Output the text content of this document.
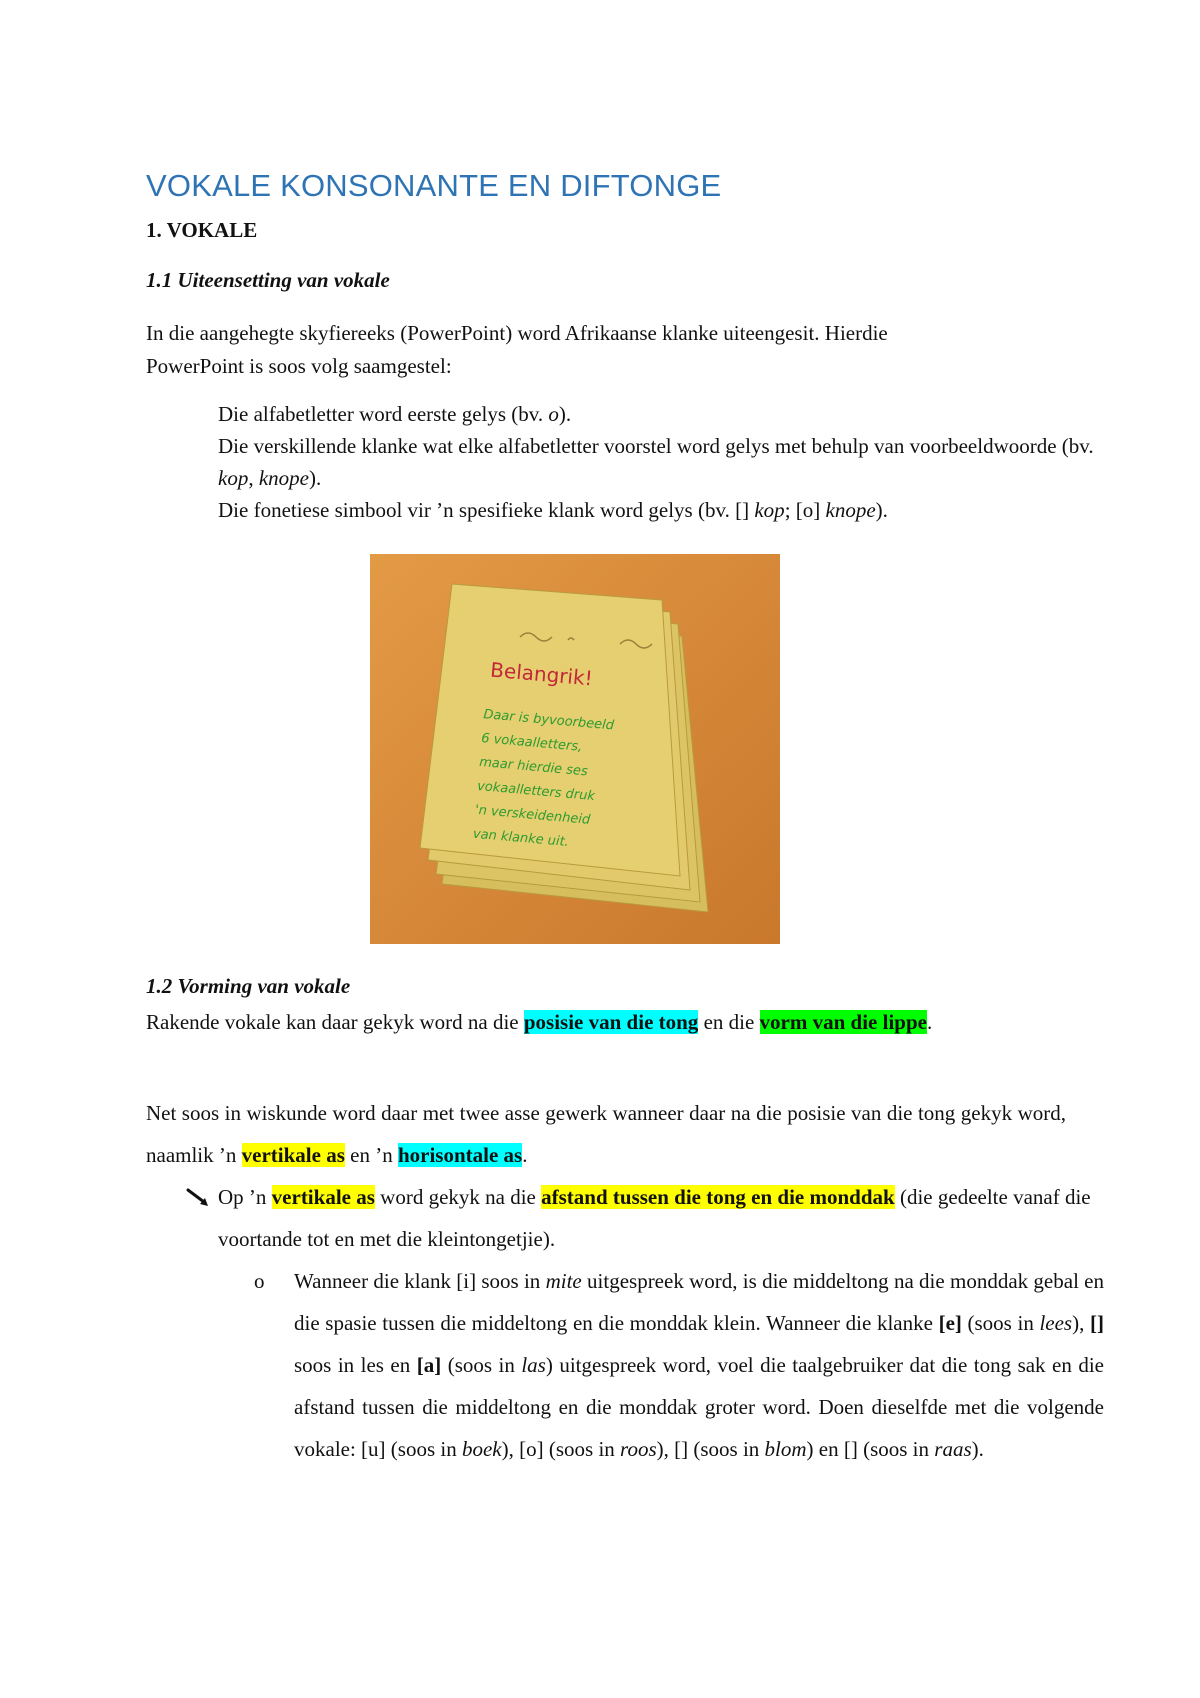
VOKALE KONSONANTE EN DIFTONGE
1. VOKALE
1.1 Uiteensetting van vokale
In die aangehegte skyfiereeks (PowerPoint) word Afrikaanse klanke uiteengesit. Hierdie
PowerPoint is soos volg saamgestel:
Die alfabetletter word eerste gelys (bv. o).
Die verskillende klanke wat elke alfabetletter voorstel word gelys met behulp van voorbeeldwoorde (bv. kop, knope).
Die fonetiese simbool vir ’n spesifieke klank word gelys (bv. [] kop; [o] knope).
Belangrik!
Daar is byvoorbeeld
6 vokaalletters,
maar hierdie ses
vokaalletters druk
'n verskeidenheid
van klanke uit.
1.2 Vorming van vokale
Rakende vokale kan daar gekyk word na die posisie van die tong en die vorm van die lippe.
Net soos in wiskunde word daar met twee asse gewerk wanneer daar na die posisie van die tong gekyk word, naamlik ’n vertikale as en ’n horisontale as.
Op ’n vertikale as word gekyk na die afstand tussen die tong en die monddak (die gedeelte vanaf die voortande tot en met die kleintongetjie).
o Wanneer die klank [i] soos in mite uitgespreek word, is die middeltong na die monddak gebal en die spasie tussen die middeltong en die monddak klein. Wanneer die klanke [e] (soos in lees), [] soos in les en [a] (soos in las) uitgespreek word, voel die taalgebruiker dat die tong sak en die afstand tussen die middeltong en die monddak groter word. Doen dieselfde met die volgende vokale: [u] (soos in boek), [o] (soos in roos), [] (soos in blom) en [] (soos in raas).
